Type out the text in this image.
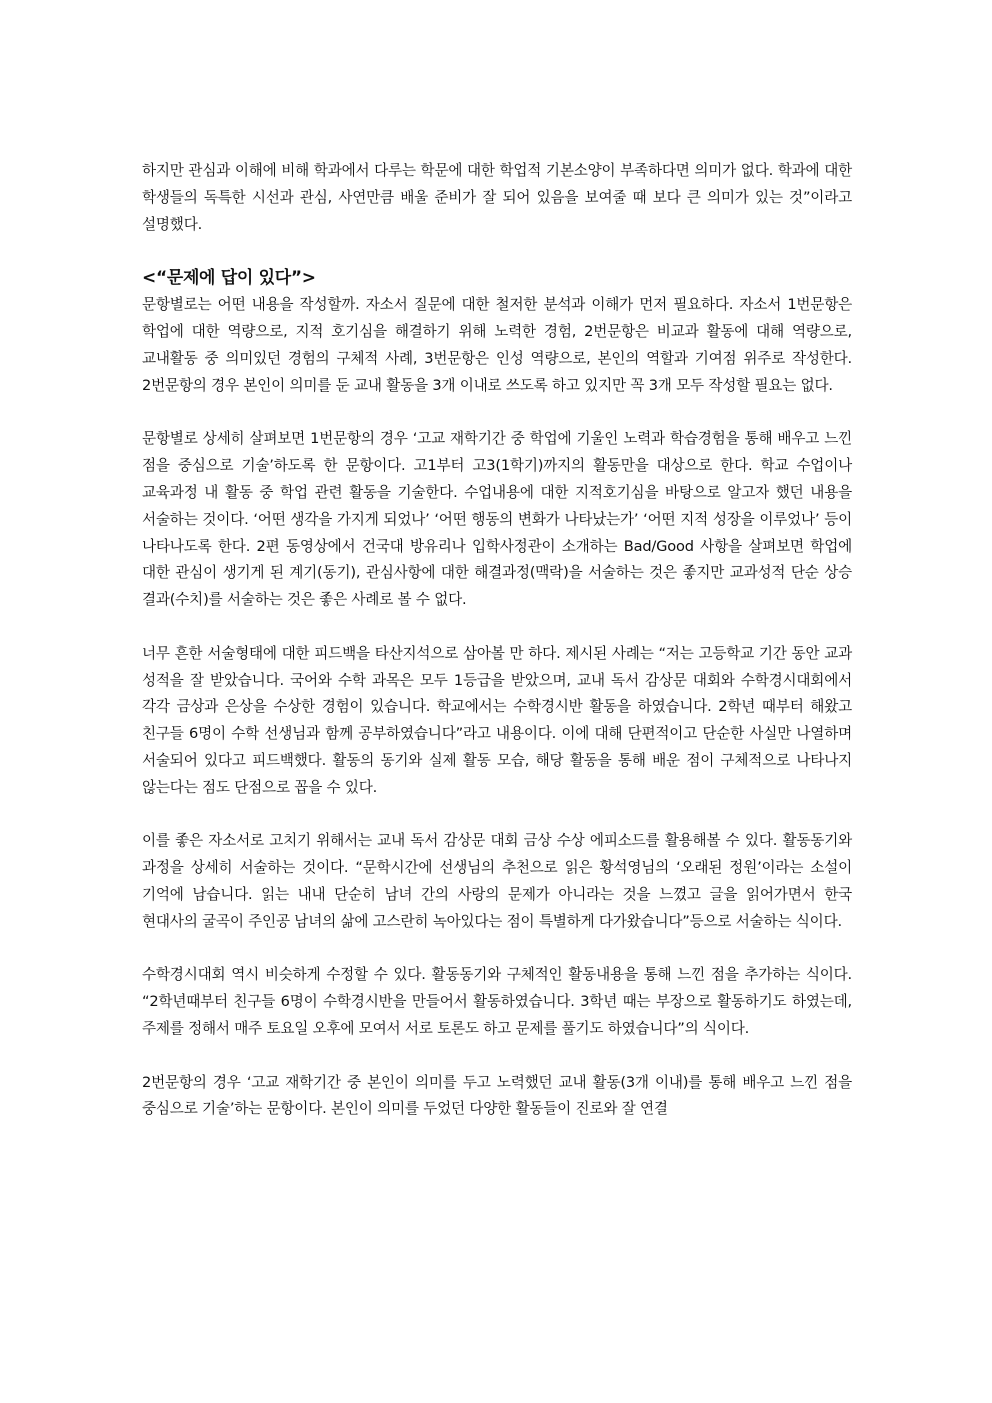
하지만 관심과 이해에 비해 학과에서 다루는 학문에 대한 학업적 기본소양이 부족하다면 의미가 없다. 학과에 대한 학생들의 독특한 시선과 관심, 사연만큼 배울 준비가 잘 되어 있음을 보여줄 때 보다 큰 의미가 있는 것”이라고 설명했다.

<“문제에 답이 있다”>

문항별로는 어떤 내용을 작성할까. 자소서 질문에 대한 철저한 분석과 이해가 먼저 필요하다. 자소서 1번문항은 학업에 대한 역량으로, 지적 호기심을 해결하기 위해 노력한 경험, 2번문항은 비교과 활동에 대해 역량으로, 교내활동 중 의미있던 경험의 구체적 사례, 3번문항은 인성 역량으로, 본인의 역할과 기여점 위주로 작성한다. 2번문항의 경우 본인이 의미를 둔 교내 활동을 3개 이내로 쓰도록 하고 있지만 꼭 3개 모두 작성할 필요는 없다.

문항별로 상세히 살펴보면 1번문항의 경우 ‘고교 재학기간 중 학업에 기울인 노력과 학습경험을 통해 배우고 느낀 점을 중심으로 기술’하도록 한 문항이다. 고1부터 고3(1학기)까지의 활동만을 대상으로 한다. 학교 수업이나 교육과정 내 활동 중 학업 관련 활동을 기술한다. 수업내용에 대한 지적호기심을 바탕으로 알고자 했던 내용을 서술하는 것이다. ‘어떤 생각을 가지게 되었나’ ‘어떤 행동의 변화가 나타났는가’ ‘어떤 지적 성장을 이루었나’ 등이 나타나도록 한다. 2편 동영상에서 건국대 방유리나 입학사정관이 소개하는 Bad/Good 사항을 살펴보면 학업에 대한 관심이 생기게 된 계기(동기), 관심사항에 대한 해결과정(맥락)을 서술하는 것은 좋지만 교과성적 단순 상승 결과(수치)를 서술하는 것은 좋은 사례로 볼 수 없다.

너무 흔한 서술형태에 대한 피드백을 타산지석으로 삼아볼 만 하다. 제시된 사례는 “저는 고등학교 기간 동안 교과 성적을 잘 받았습니다. 국어와 수학 과목은 모두 1등급을 받았으며, 교내 독서 감상문 대회와 수학경시대회에서 각각 금상과 은상을 수상한 경험이 있습니다. 학교에서는 수학경시반 활동을 하였습니다. 2학년 때부터 해왔고 친구들 6명이 수학 선생님과 함께 공부하였습니다”라고 내용이다. 이에 대해 단편적이고 단순한 사실만 나열하며 서술되어 있다고 피드백했다. 활동의 동기와 실제 활동 모습, 해당 활동을 통해 배운 점이 구체적으로 나타나지 않는다는 점도 단점으로 꼽을 수 있다.

이를 좋은 자소서로 고치기 위해서는 교내 독서 감상문 대회 금상 수상 에피소드를 활용해볼 수 있다. 활동동기와 과정을 상세히 서술하는 것이다. “문학시간에 선생님의 추천으로 읽은 황석영님의 ‘오래된 정원’이라는 소설이 기억에 남습니다. 읽는 내내 단순히 남녀 간의 사랑의 문제가 아니라는 것을 느꼈고 글을 읽어가면서 한국 현대사의 굴곡이 주인공 남녀의 삶에 고스란히 녹아있다는 점이 특별하게 다가왔습니다”등으로 서술하는 식이다.

수학경시대회 역시 비슷하게 수정할 수 있다. 활동동기와 구체적인 활동내용을 통해 느낀 점을 추가하는 식이다. “2학년때부터 친구들 6명이 수학경시반을 만들어서 활동하였습니다. 3학년 때는 부장으로 활동하기도 하였는데, 주제를 정해서 매주 토요일 오후에 모여서 서로 토론도 하고 문제를 풀기도 하였습니다”의 식이다.

2번문항의 경우 ‘고교 재학기간 중 본인이 의미를 두고 노력했던 교내 활동(3개 이내)를 통해 배우고 느낀 점을 중심으로 기술’하는 문항이다. 본인이 의미를 두었던 다양한 활동들이 진로와 잘 연결
